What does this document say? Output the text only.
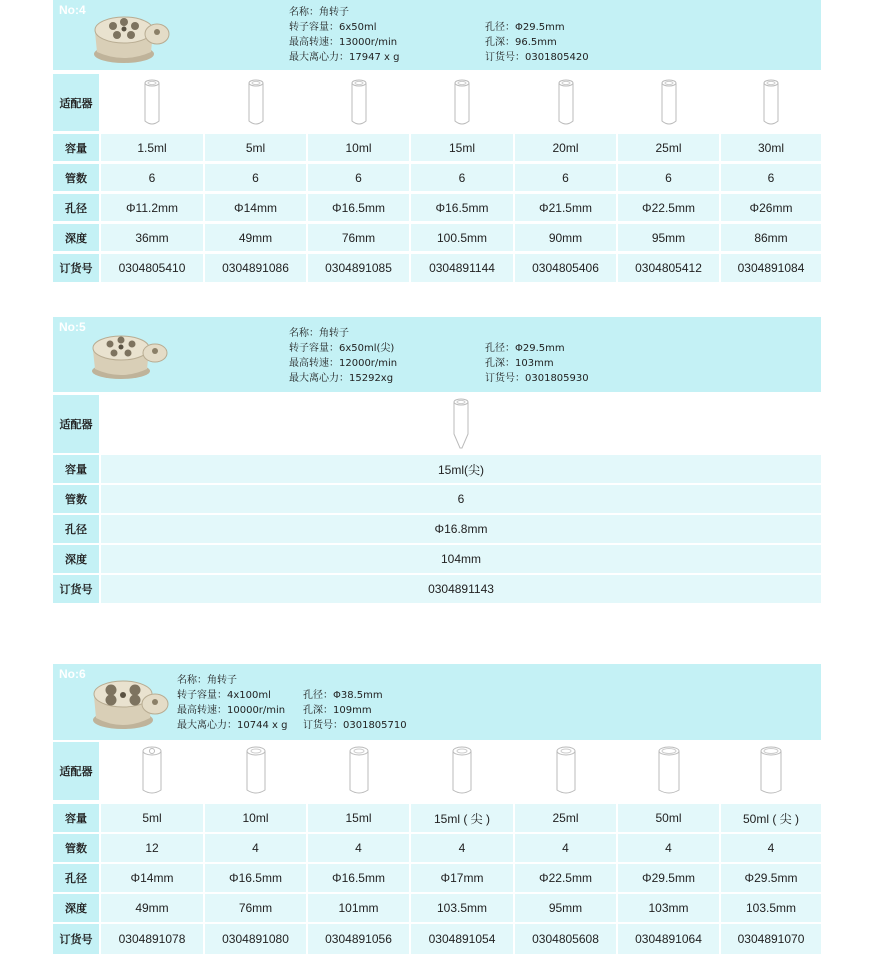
No:4	名称：角转子
转子容量：6x50ml
最高转速：13000r/min
最大离心力：17947 x g
孔径：Φ29.5mm
孔深：96.5mm
订货号：0301805420
适配器
容量	1.5ml	5ml	10ml	15ml	20ml	25ml	30ml
管数	6	6	6	6	6	6	6
孔径	Φ11.2mm	Φ14mm	Φ16.5mm	Φ16.5mm	Φ21.5mm	Φ22.5mm	Φ26mm
深度	36mm	49mm	76mm	100.5mm	90mm	95mm	86mm
订货号	0304805410	0304891086	0304891085	0304891144	0304805406	0304805412	0304891084
No:5	名称：角转子
转子容量：6x50ml(尖)
最高转速：12000r/min
最大离心力：15292xg
孔径：Φ29.5mm
孔深：103mm
订货号：0301805930
适配器
容量	15ml(尖)
管数	6
孔径	Φ16.8mm
深度	104mm
订货号	0304891143
No:6	名称：角转子
转子容量：4x100ml
最高转速：10000r/min
最大离心力：10744 x g
孔径：Φ38.5mm
孔深：109mm
订货号：0301805710
适配器
容量	5ml	10ml	15ml	15ml ( 尖 )	25ml	50ml	50ml ( 尖 )
管数	12	4	4	4	4	4	4
孔径	Φ14mm	Φ16.5mm	Φ16.5mm	Φ17mm	Φ22.5mm	Φ29.5mm	Φ29.5mm
深度	49mm	76mm	101mm	103.5mm	95mm	103mm	103.5mm
订货号	0304891078	0304891080	0304891056	0304891054	0304805608	0304891064	0304891070
